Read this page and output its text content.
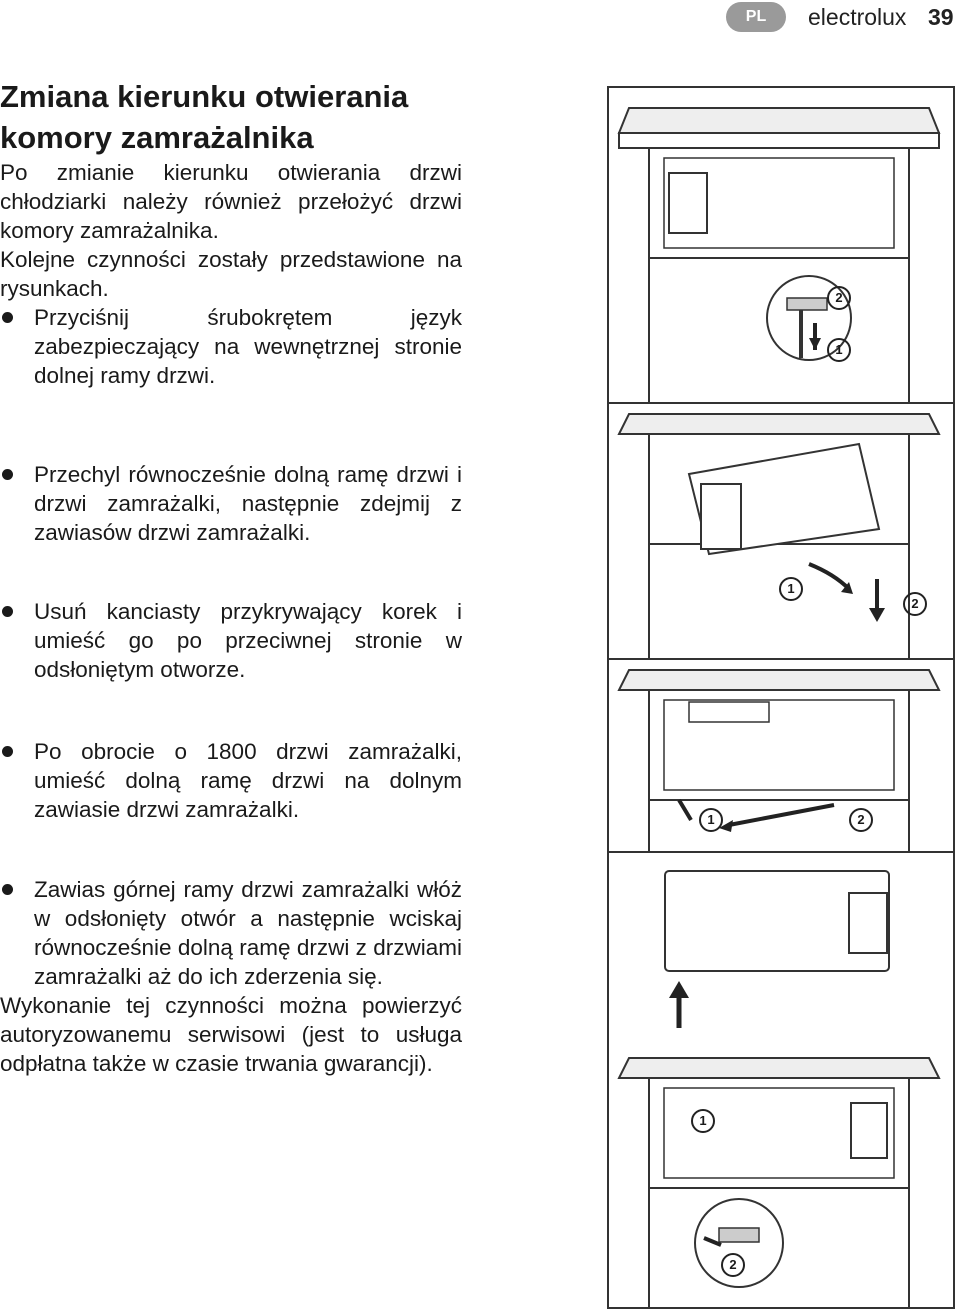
PL	electrolux 39
Zmiana kierunku otwierania komory zamrażalnika

Po zmianie kierunku otwierania drzwi chłodziarki należy również przełożyć drzwi komory zamrażalnika.

Kolejne czynności zostały przedstawione na rysunkach.

Przyciśnij śrubokrętem język zabezpieczający na wewnętrznej stronie dolnej ramy drzwi.
Przechyl równocześnie dolną ramę drzwi i drzwi zamrażalki, następnie zdejmij z zawiasów drzwi zamrażalki.
Usuń kanciasty przykrywający korek i umieść go po przeciwnej stronie w odsłoniętym otworze.
Po obrocie o 1800 drzwi zamrażalki, umieść dolną ramę drzwi na dolnym zawiasie drzwi zamrażalki.
Zawias górnej ramy drzwi zamrażalki włóż w odsłonięty otwór a następnie wciskaj równocześnie dolną ramę drzwi z drzwiami zamrażalki aż do ich zderzenia się.

Wykonanie tej czynności można powierzyć autoryzowanemu serwisowi (jest to usługa odpłatna także w czasie trwania gwarancji).

2
1
1
2
1	2
1
2
